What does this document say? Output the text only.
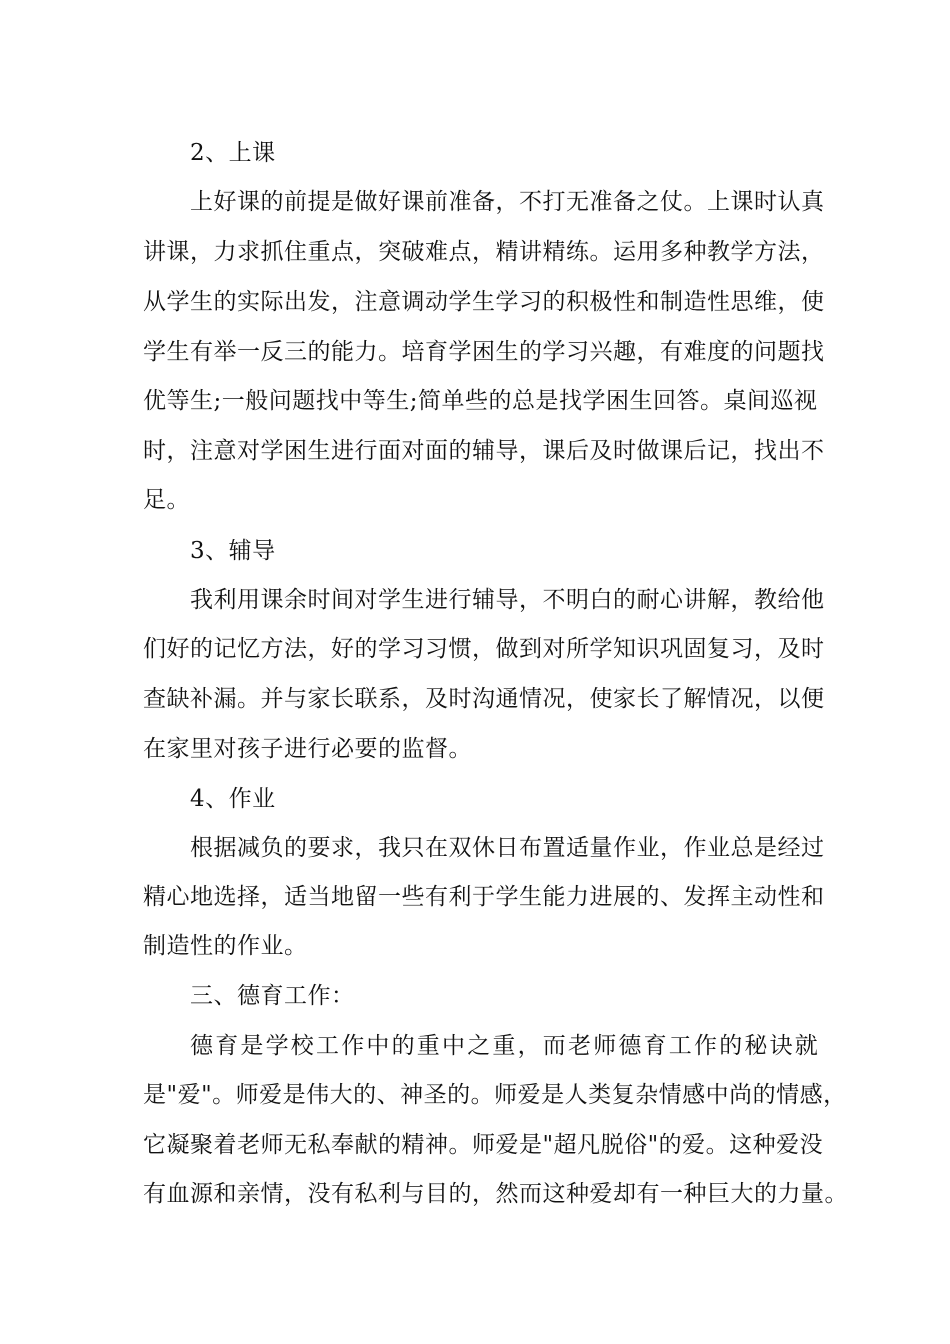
2、上课
上好课的前提是做好课前准备，不打无准备之仗。上课时认真
讲课，力求抓住重点，突破难点，精讲精练。运用多种教学方法，
从学生的实际出发，注意调动学生学习的积极性和制造性思维，使
学生有举一反三的能力。培育学困生的学习兴趣，有难度的问题找
优等生;一般问题找中等生;简单些的总是找学困生回答。桌间巡视
时，注意对学困生进行面对面的辅导，课后及时做课后记，找出不
足。
3、辅导
我利用课余时间对学生进行辅导，不明白的耐心讲解，教给他
们好的记忆方法，好的学习习惯，做到对所学知识巩固复习，及时
查缺补漏。并与家长联系，及时沟通情况，使家长了解情况，以便
在家里对孩子进行必要的监督。
4、作业
根据减负的要求，我只在双休日布置适量作业，作业总是经过
精心地选择，适当地留一些有利于学生能力进展的、发挥主动性和
制造性的作业。
三、德育工作：
德育是学校工作中的重中之重，而老师德育工作的秘诀就
是"爱"。师爱是伟大的、神圣的。师爱是人类复杂情感中尚的情感，
它凝聚着老师无私奉献的精神。师爱是"超凡脱俗"的爱。这种爱没
有血源和亲情，没有私利与目的，然而这种爱却有一种巨大的力量。
